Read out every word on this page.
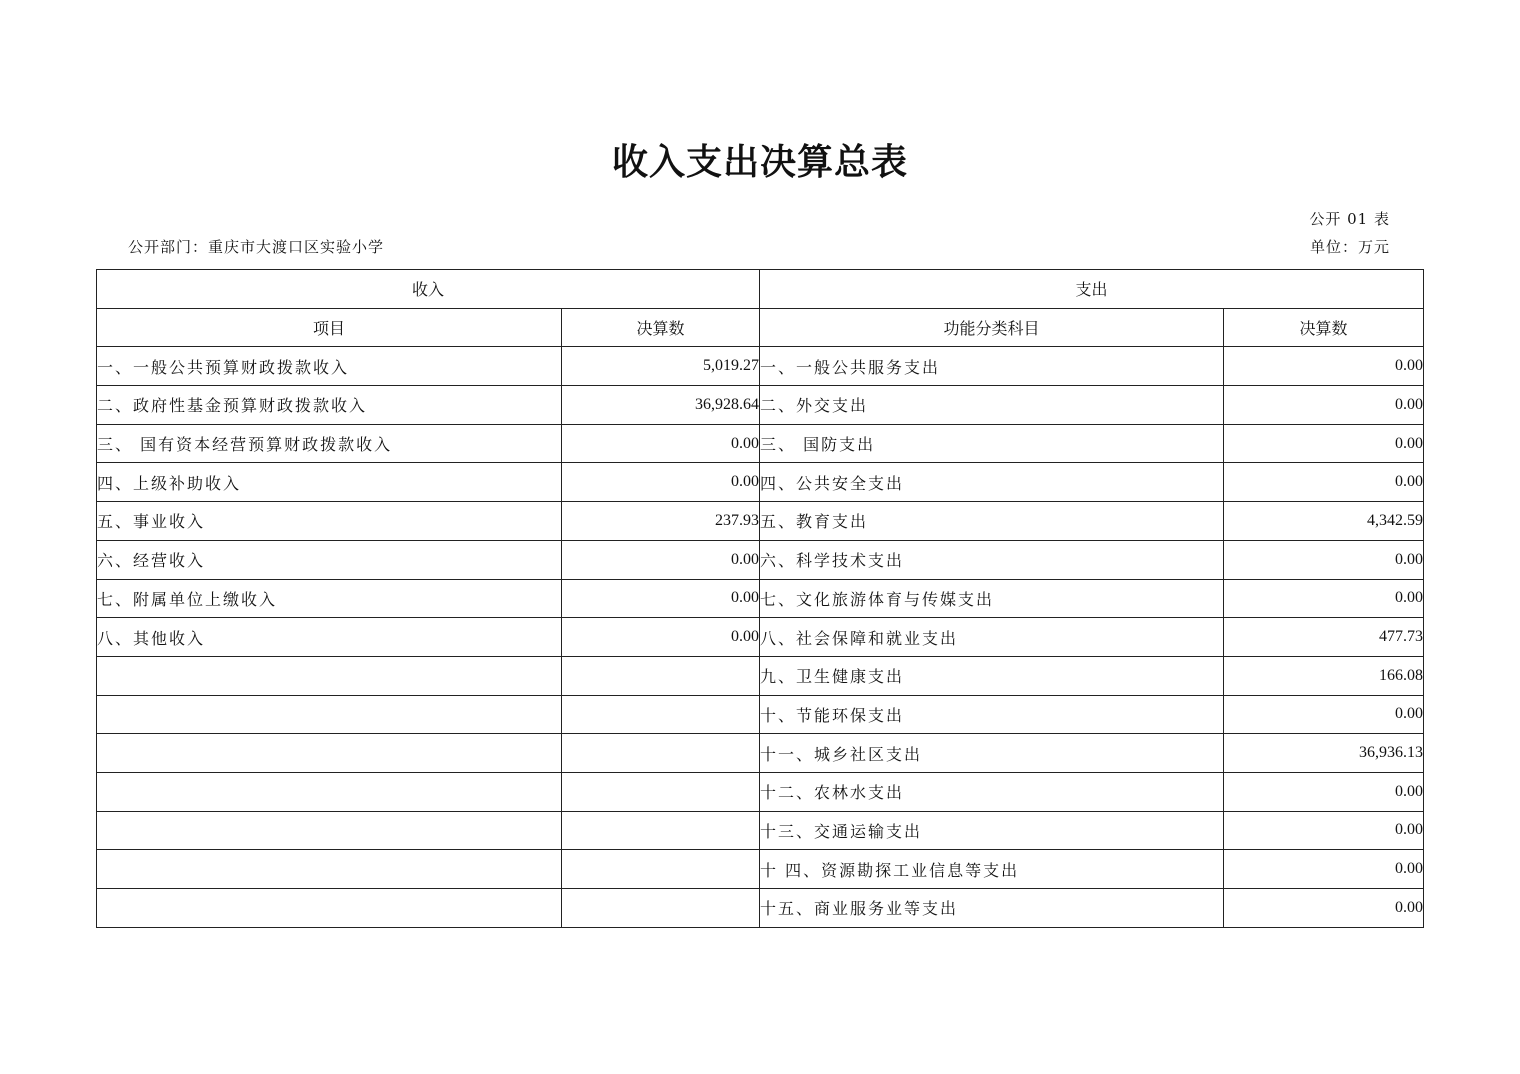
收入支出决算总表
公开 01 表
公开部门：重庆市大渡口区实验小学	单位：万元
收入		支出	
项目	决算数	功能分类科目	决算数
一、一般公共预算财政拨款收入	5,019.27	一、一般公共服务支出	0.00
二、政府性基金预算财政拨款收入	36,928.64	二、外交支出	0.00
三、 国有资本经营预算财政拨款收入	0.00	三、 国防支出	0.00
四、上级补助收入	0.00	四、公共安全支出	0.00
五、事业收入	237.93	五、教育支出	4,342.59
六、经营收入	0.00	六、科学技术支出	0.00
七、附属单位上缴收入	0.00	七、文化旅游体育与传媒支出	0.00
八、其他收入	0.00	八、社会保障和就业支出	477.73
		九、卫生健康支出	166.08
		十、节能环保支出	0.00
		十一、城乡社区支出	36,936.13
		十二、农林水支出	0.00
		十三、交通运输支出	0.00
		十 四、资源勘探工业信息等支出	0.00
		十五、商业服务业等支出	0.00
